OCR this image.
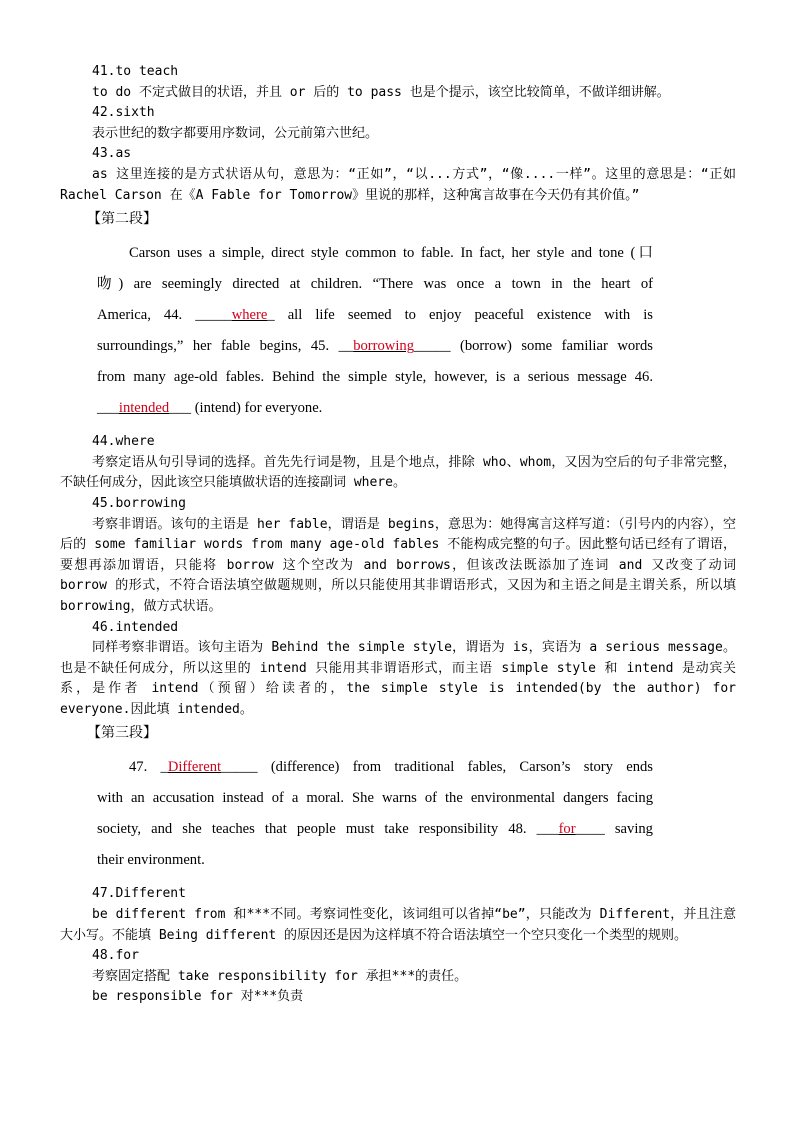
41.to teach
to do 不定式做目的状语，并且 or 后的 to pass 也是个提示，该空比较简单，不做详细讲解。
42.sixth
表示世纪的数字都要用序数词，公元前第六世纪。
43.as
as 这里连接的是方式状语从句，意思为：“正如”，“以...方式”，“像....一样”。这里的意思是：“正如 Rachel Carson 在《A Fable for Tomorrow》里说的那样，这种寓言故事在今天仍有其价值。”
【第二段】
Carson uses a simple, direct style common to fable. In fact, her style and tone (口
吻) are seemingly directed at children. “There was once a town in the heart of
America, 44. _____where_ all life seemed to enjoy peaceful existence with is
surroundings,” her fable begins, 45. __borrowing_____ (borrow) some familiar words
from many age-old fables. Behind the simple style, however, is a serious message 46.
___intended___ (intend) for everyone.
44.where
考察定语从句引导词的选择。首先先行词是物，且是个地点，排除 who、whom，又因为空后的句子非常完整，不缺任何成分，因此该空只能填做状语的连接副词 where。
45.borrowing
考察非谓语。该句的主语是 her fable，谓语是 begins，意思为：她得寓言这样写道：（引号内的内容），空后的 some familiar words from many age-old fables 不能构成完整的句子。因此整句话已经有了谓语，要想再添加谓语，只能将 borrow 这个空改为 and borrows，但该改法既添加了连词 and 又改变了动词 borrow 的形式，不符合语法填空做题规则，所以只能使用其非谓语形式，又因为和主语之间是主谓关系，所以填 borrowing，做方式状语。
46.intended
同样考察非谓语。该句主语为 Behind the simple style，谓语为 is，宾语为 a serious message。也是不缺任何成分，所以这里的 intend 只能用其非谓语形式，而主语 simple style 和 intend 是动宾关系，是作者 intend（预留）给读者的，the simple style is intended(by the author) for everyone.因此填 intended。
【第三段】
47. _Different_____ (difference) from traditional fables, Carson’s story ends
with an accusation instead of a moral. She warns of the environmental dangers facing
society, and she teaches that people must take responsibility 48. ___for____ saving
their environment.
47.Different
be different from 和***不同。考察词性变化，该词组可以省掉“be”，只能改为 Different，并且注意大小写。不能填 Being different 的原因还是因为这样填不符合语法填空一个空只变化一个类型的规则。
48.for
考察固定搭配 take responsibility for 承担***的责任。
be responsible for 对***负责
